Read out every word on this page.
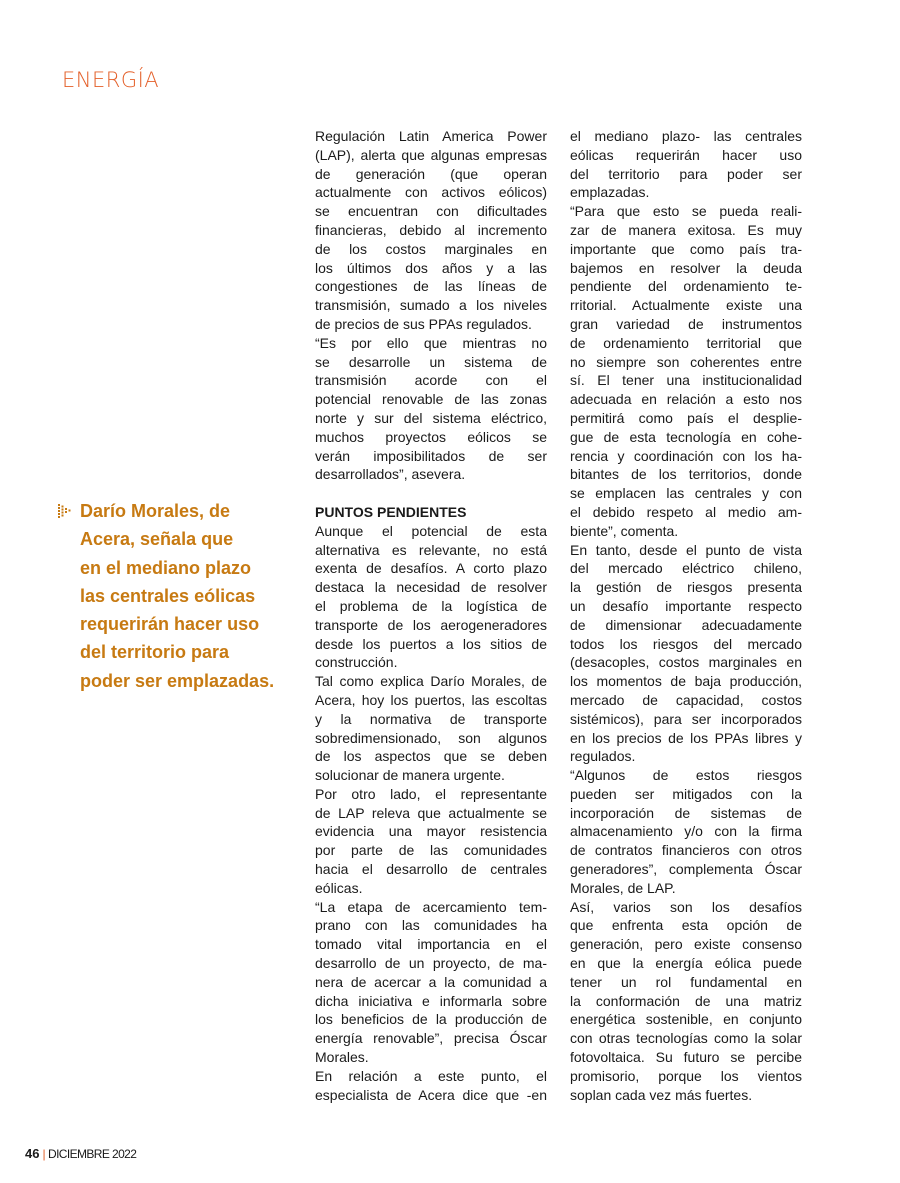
ENERGÍA
Darío Morales, de
Acera, señala que
en el mediano plazo
las centrales eólicas
requerirán hacer uso
del territorio para
poder ser emplazadas.
Regulación Latin America Power
(LAP), alerta que algunas empresas
de generación (que operan
actualmente con activos eólicos)
se encuentran con dificultades
financieras, debido al incremento
de los costos marginales en
los últimos dos años y a las
congestiones de las líneas de
transmisión, sumado a los niveles
de precios de sus PPAs regulados.
“Es por ello que mientras no
se desarrolle un sistema de
transmisión acorde con el
potencial renovable de las zonas
norte y sur del sistema eléctrico,
muchos proyectos eólicos se
verán imposibilitados de ser
desarrollados”, asevera.
PUNTOS PENDIENTES
Aunque el potencial de esta
alternativa es relevante, no está
exenta de desafíos. A corto plazo
destaca la necesidad de resolver
el problema de la logística de
transporte de los aerogeneradores
desde los puertos a los sitios de
construcción.
Tal como explica Darío Morales, de
Acera, hoy los puertos, las escoltas
y la normativa de transporte
sobredimensionado, son algunos
de los aspectos que se deben
solucionar de manera urgente.
Por otro lado, el representante
de LAP releva que actualmente se
evidencia una mayor resistencia
por parte de las comunidades
hacia el desarrollo de centrales
eólicas.
“La etapa de acercamiento tem-
prano con las comunidades ha
tomado vital importancia en el
desarrollo de un proyecto, de ma-
nera de acercar a la comunidad a
dicha iniciativa e informarla sobre
los beneficios de la producción de
energía renovable”, precisa Óscar
Morales.
En relación a este punto, el
especialista de Acera dice que -en
el mediano plazo- las centrales
eólicas requerirán hacer uso
del territorio para poder ser
emplazadas.
“Para que esto se pueda reali-
zar de manera exitosa. Es muy
importante que como país tra-
bajemos en resolver la deuda
pendiente del ordenamiento te-
rritorial. Actualmente existe una
gran variedad de instrumentos
de ordenamiento territorial que
no siempre son coherentes entre
sí. El tener una institucionalidad
adecuada en relación a esto nos
permitirá como país el desplie-
gue de esta tecnología en cohe-
rencia y coordinación con los ha-
bitantes de los territorios, donde
se emplacen las centrales y con
el debido respeto al medio am-
biente”, comenta.
En tanto, desde el punto de vista
del mercado eléctrico chileno,
la gestión de riesgos presenta
un desafío importante respecto
de dimensionar adecuadamente
todos los riesgos del mercado
(desacoples, costos marginales en
los momentos de baja producción,
mercado de capacidad, costos
sistémicos), para ser incorporados
en los precios de los PPAs libres y
regulados.
“Algunos de estos riesgos
pueden ser mitigados con la
incorporación de sistemas de
almacenamiento y/o con la firma
de contratos financieros con otros
generadores”, complementa Óscar
Morales, de LAP.
Así, varios son los desafíos
que enfrenta esta opción de
generación, pero existe consenso
en que la energía eólica puede
tener un rol fundamental en
la conformación de una matriz
energética sostenible, en conjunto
con otras tecnologías como la solar
fotovoltaica. Su futuro se percibe
promisorio, porque los vientos
soplan cada vez más fuertes.
46 | DICIEMBRE 2022
